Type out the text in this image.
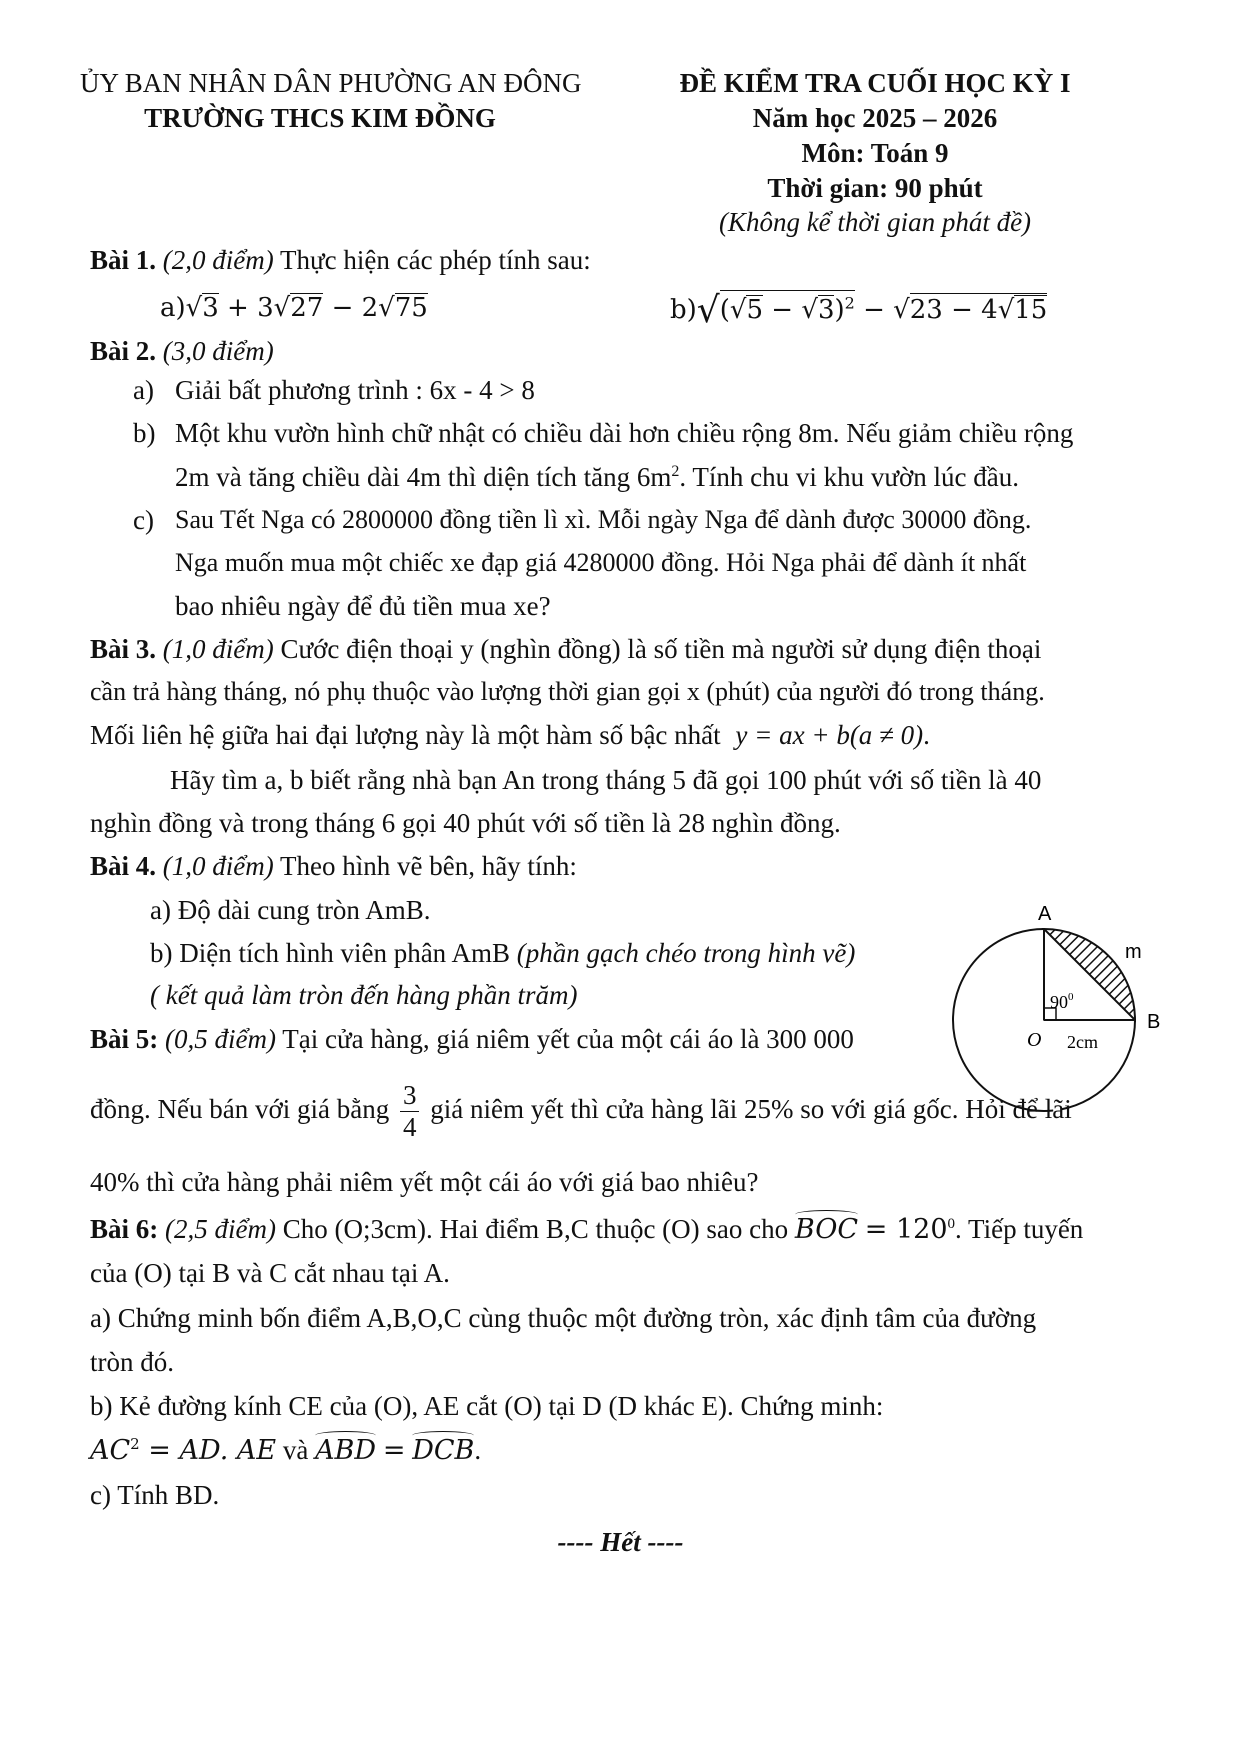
ỦY BAN NHÂN DÂN PHƯỜNG AN ĐÔNG
TRƯỜNG THCS KIM ĐỒNG
ĐỀ KIỂM TRA CUỐI HỌC KỲ I
Năm học 2025 – 2026
Môn: Toán 9
Thời gian: 90 phút
(Không kể thời gian phát đề)
Bài 1. (2,0 điểm) Thực hiện các phép tính sau:
a)√3 + 3√27 − 2√75	$b)√(√5 - √3)^2 - √23 - 4√15$
Bài 2. (3,0 điểm)
a) Giải bất phương trình : 6x - 4 > 8
b) Một khu vườn hình chữ nhật có chiều dài hơn chiều rộng 8m. Nếu giảm chiều rộng
2m và tăng chiều dài 4m thì diện tích tăng $6m^2$. Tính chu vi khu vườn lúc đầu.
c) Sau Tết Nga có 2800000 đồng tiền lì xì. Mỗi ngày Nga để dành được 30000 đồng.
Nga muốn mua một chiếc xe đạp giá 4280000 đồng. Hỏi Nga phải để dành ít nhất
bao nhiêu ngày để đủ tiền mua xe?
Bài 3. (1,0 điểm) Cước điện thoại y (nghìn đồng) là số tiền mà người sử dụng điện thoại
cần trả hàng tháng, nó phụ thuộc vào lượng thời gian gọi x (phút) của người đó trong tháng.
Mối liên hệ giữa hai đại lượng này là một hàm số bậc nhất y = ax + b(a ≠ 0).
Hãy tìm a, b biết rằng nhà bạn An trong tháng 5 đã gọi 100 phút với số tiền là 40
nghìn đồng và trong tháng 6 gọi 40 phút với số tiền là 28 nghìn đồng.
Bài 4. (1,0 điểm) Theo hình vẽ bên, hãy tính:
a) Độ dài cung tròn AmB.
b) Diện tích hình viên phân AmB (phần gạch chéo trong hình vẽ)
( kết quả làm tròn đến hàng phần trăm)
A
m
$90^0$
O
B
2cm
Bài 5: (0,5 điểm) Tại cửa hàng, giá niêm yết của một cái áo là 300 000
đồng. Nếu bán với giá bằng $\frac{3}{4}$ giá niêm yết thì cửa hàng lãi 25% so với giá gốc. Hỏi để lãi
40% thì cửa hàng phải niêm yết một cái áo với giá bao nhiêu?
Bài 6: (2,5 điểm) Cho (O;3cm). Hai điểm B,C thuộc (O) sao cho BOC = $120^0$. Tiếp tuyến
của (O) tại B và C cắt nhau tại A.
a) Chứng minh bốn điểm A,B,O,C cùng thuộc một đường tròn, xác định tâm của đường
tròn đó.
b) Kẻ đường kính CE của (O), AE cắt (O) tại D (D khác E). Chứng minh:
$AC^2$ = AD. AE và ABD = DCB.
c) Tính BD.
---- Hết ----
